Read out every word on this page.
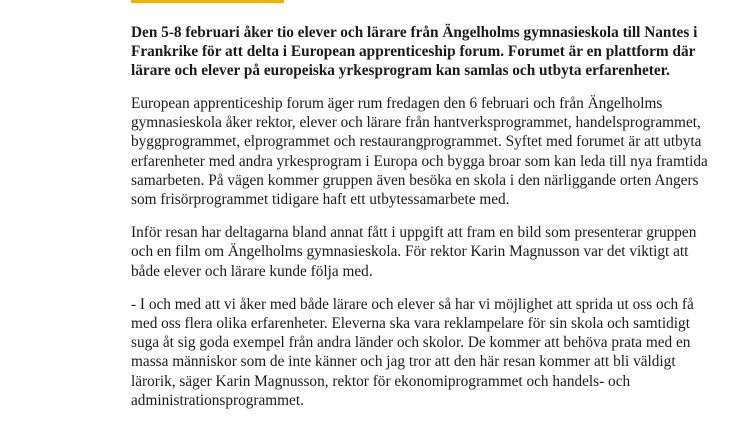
Den 5-8 februari åker tio elever och lärare från Ängelholms gymnasieskola till Nantes i Frankrike för att delta i European apprenticeship forum. Forumet är en plattform där lärare och elever på europeiska yrkesprogram kan samlas och utbyta erfarenheter.

European apprenticeship forum äger rum fredagen den 6 februari och från Ängelholms gymnasieskola åker rektor, elever och lärare från hantverksprogrammet, handelsprogrammet, byggprogrammet, elprogrammet och restaurangprogrammet. Syftet med forumet är att utbyta erfarenheter med andra yrkesprogram i Europa och bygga broar som kan leda till nya framtida samarbeten. På vägen kommer gruppen även besöka en skola i den närliggande orten Angers som frisörprogrammet tidigare haft ett utbytessamarbete med.

Inför resan har deltagarna bland annat fått i uppgift att fram en bild som presenterar gruppen och en film om Ängelholms gymnasieskola. För rektor Karin Magnusson var det viktigt att både elever och lärare kunde följa med.

- I och med att vi åker med både lärare och elever så har vi möjlighet att sprida ut oss och få med oss flera olika erfarenheter. Eleverna ska vara reklampelare för sin skola och samtidigt suga åt sig goda exempel från andra länder och skolor. De kommer att behöva prata med en massa människor som de inte känner och jag tror att den här resan kommer att bli väldigt lärorik, säger Karin Magnusson, rektor för ekonomiprogrammet och handels- och administrationsprogrammet.
